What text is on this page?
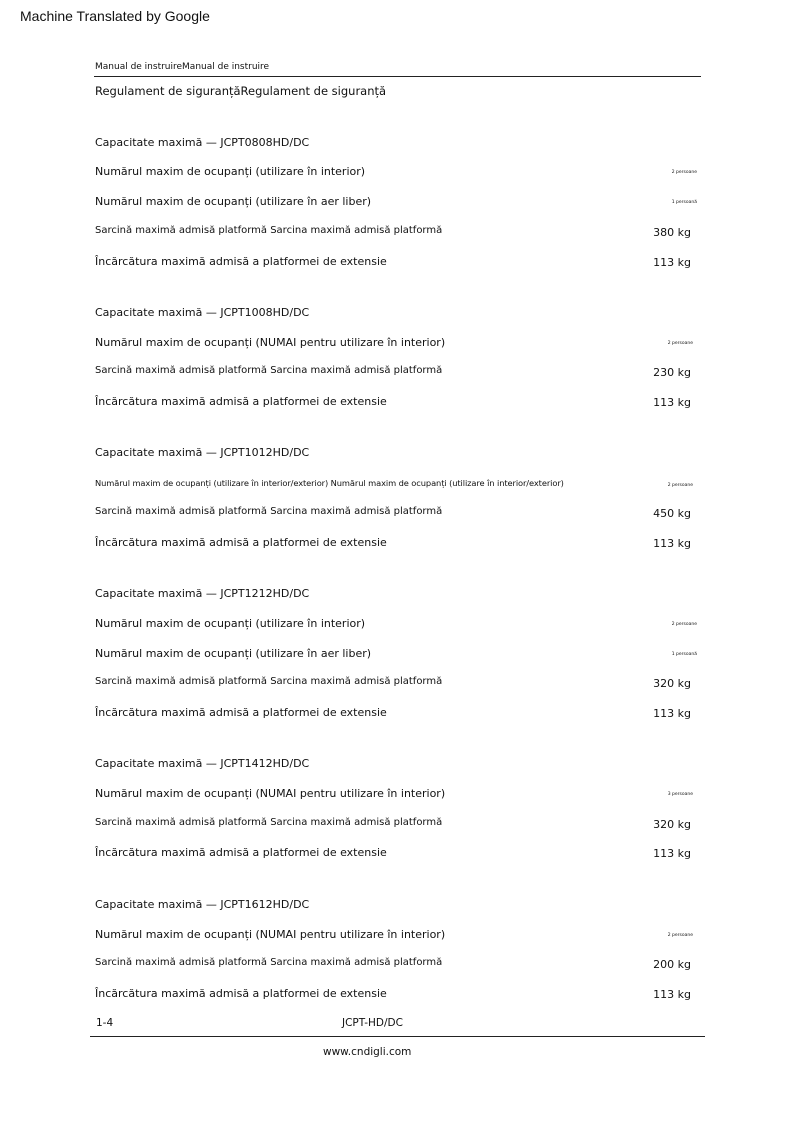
Machine Translated by Google
Manual de instruireManual de instruire
Regulament de siguranțăRegulament de siguranță
Capacitate maximă — JCPT0808HD/DC
Numărul maxim de ocupanți (utilizare în interior)	2 persoane
Numărul maxim de ocupanți (utilizare în aer liber)	1 persoană
Sarcină maximă admisă platformă Sarcina maximă admisă platformă	380 kg
Încărcătura maximă admisă a platformei de extensie	113 kg
Capacitate maximă — JCPT1008HD/DC
Numărul maxim de ocupanți (NUMAI pentru utilizare în interior)	2 persoane
Sarcină maximă admisă platformă Sarcina maximă admisă platformă	230 kg
Încărcătura maximă admisă a platformei de extensie	113 kg
Capacitate maximă — JCPT1012HD/DC
Numărul maxim de ocupanți (utilizare în interior/exterior) Numărul maxim de ocupanți (utilizare în interior/exterior)	2 persoane
Sarcină maximă admisă platformă Sarcina maximă admisă platformă	450 kg
Încărcătura maximă admisă a platformei de extensie	113 kg
Capacitate maximă — JCPT1212HD/DC
Numărul maxim de ocupanți (utilizare în interior)	2 persoane
Numărul maxim de ocupanți (utilizare în aer liber)	1 persoană
Sarcină maximă admisă platformă Sarcina maximă admisă platformă	320 kg
Încărcătura maximă admisă a platformei de extensie	113 kg
Capacitate maximă — JCPT1412HD/DC
Numărul maxim de ocupanți (NUMAI pentru utilizare în interior)	3 persoane
Sarcină maximă admisă platformă Sarcina maximă admisă platformă	320 kg
Încărcătura maximă admisă a platformei de extensie	113 kg
Capacitate maximă — JCPT1612HD/DC
Numărul maxim de ocupanți (NUMAI pentru utilizare în interior)	2 persoane
Sarcină maximă admisă platformă Sarcina maximă admisă platformă	200 kg
Încărcătura maximă admisă a platformei de extensie	113 kg
1-4	JCPT-HD/DC
www.cndigli.com
